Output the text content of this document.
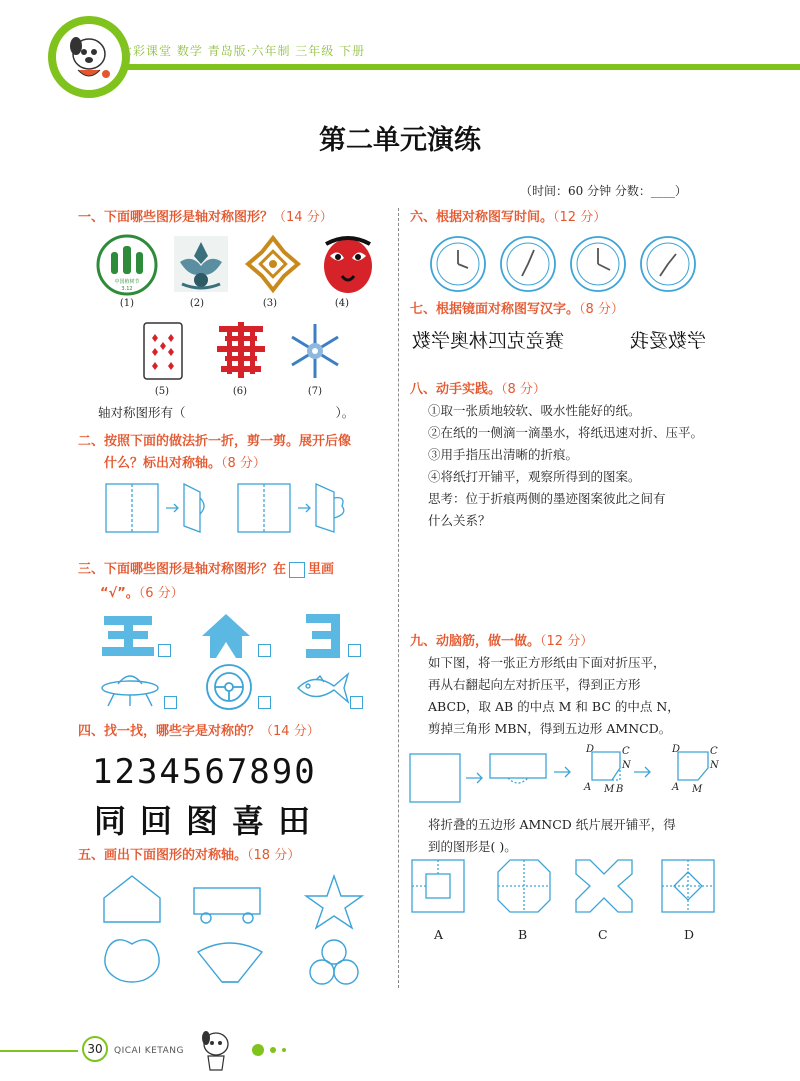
七彩课堂 数学 青岛版·六年制 三年级 下册
第二单元演练
（时间：60 分钟 分数：____）
一、下面哪些图形是轴对称图形？（14 分）
中国植树节
3.12
(1)	(2)	(3)	(4)
(5)	(6)	(7)
轴对称图形有（	）。
二、按照下面的做法折一折，剪一剪。展开后像
什么？标出对称轴。（8 分）
三、下面哪些图形是轴对称图形？在 里画
“√”。（6 分）
四、找一找，哪些字是对称的？（14 分）
1234567890
同回图喜田
五、画出下面图形的对称轴。（18 分）
六、根据对称图写时间。（12 分）
七、根据镜面对称图写汉字。（8 分）
赛竞克匹林奥学数	学数爱我
八、动手实践。（8 分）
①取一张质地较软、吸水性能好的纸。
②在纸的一侧滴一滴墨水，将纸迅速对折、压平。
③用手指压出清晰的折痕。
④将纸打开铺平，观察所得到的图案。
思考：位于折痕两侧的墨迹图案彼此之间有
什么关系？
九、动脑筋，做一做。（12 分）
如下图，将一张正方形纸由下面对折压平，
再从右翻起向左对折压平，得到正方形
ABCD，取 AB 的中点 M 和 BC 的中点 N，
剪掉三角形 MBN，得到五边形 AMNCD。
D	C
N
A M B
D	C
N
A M
将折叠的五边形 AMNCD 纸片展开铺平，得
到的图形是( )。
A	B	C	D
30	QICAI KETANG
